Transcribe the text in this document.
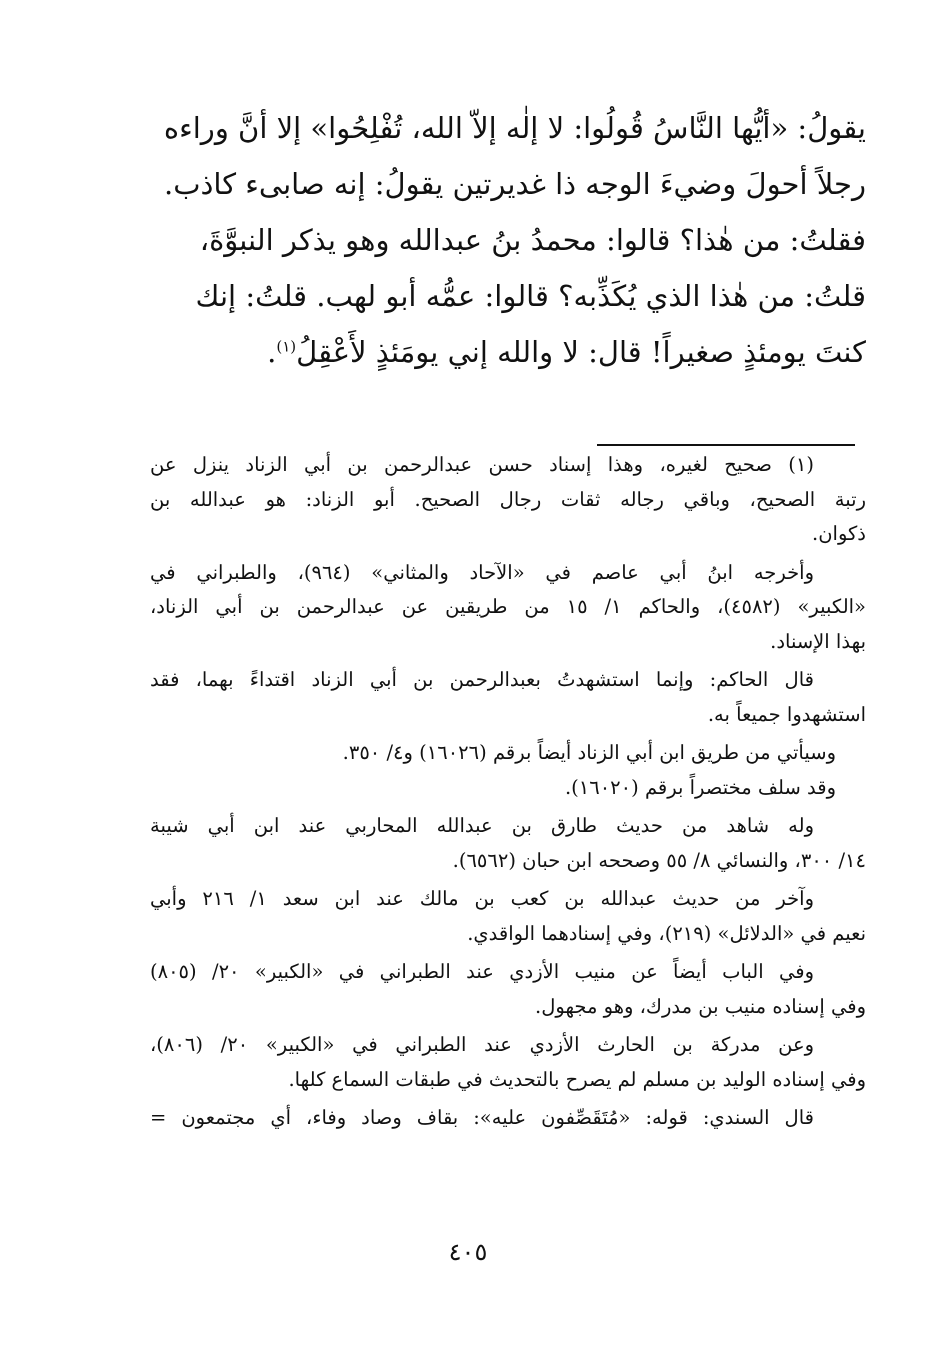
يقولُ: «أيُّها النَّاسُ قُولُوا: لا إلٰه إلاّ الله، تُفْلِحُوا» إلا أنَّ وراءه
رجلاً أحولَ وضيءَ الوجه ذا غديرتين يقولُ: إنه صابىء كاذب.
فقلتُ: من هٰذا؟ قالوا: محمدُ بنُ عبدالله وهو يذكر النبوَّةَ،
قلتُ: من هٰذا الذي يُكَذِّبه؟ قالوا: عمُّه أبو لهب. قلتُ: إنك
كنتَ يومئذٍ صغيراً! قال: لا والله إني يومَئذٍ لأَعْقِلُ$^{(١)}$.
(١) صحيح لغيره، وهذا إسناد حسن عبدالرحمن بن أبي الزناد ينزل عن
رتبة الصحيح، وباقي رجاله ثقات رجال الصحيح. أبو الزناد: هو عبدالله بن
ذكوان.
وأخرجه ابنُ أبي عاصم في «الآحاد والمثاني» (٩٦٤)، والطبراني في
«الكبير» (٤٥٨٢)، والحاكم ١/ ١٥ من طريقين عن عبدالرحمن بن أبي الزناد،
بهذا الإسناد.
قال الحاكم: وإنما استشهدتُ بعبدالرحمن بن أبي الزناد اقتداءً بهما، فقد
استشهدوا جميعاً به.
وسيأتي من طريق ابن أبي الزناد أيضاً برقم (١٦٠٢٦) و٤/ ٣٥٠.
وقد سلف مختصراً برقم (١٦٠٢٠).
وله شاهد من حديث طارق بن عبدالله المحاربي عند ابن أبي شيبة
١٤/ ٣٠٠، والنسائي ٨/ ٥٥ وصححه ابن حبان (٦٥٦٢).
وآخر من حديث عبدالله بن كعب بن مالك عند ابن سعد ١/ ٢١٦ وأبي
نعيم في «الدلائل» (٢١٩)، وفي إسنادهما الواقدي.
وفي الباب أيضاً عن منيب الأزدي عند الطبراني في «الكبير» ٢٠/ (٨٠٥)
وفي إسناده منيب بن مدرك، وهو مجهول.
وعن مدركة بن الحارث الأزدي عند الطبراني في «الكبير» ٢٠/ (٨٠٦)،
وفي إسناده الوليد بن مسلم لم يصرح بالتحديث في طبقات السماع كلها.
قال السندي: قوله: «مُتَقَصِّفون عليه»: بقاف وصاد وفاء، أي مجتمعون =
٤٠٥
